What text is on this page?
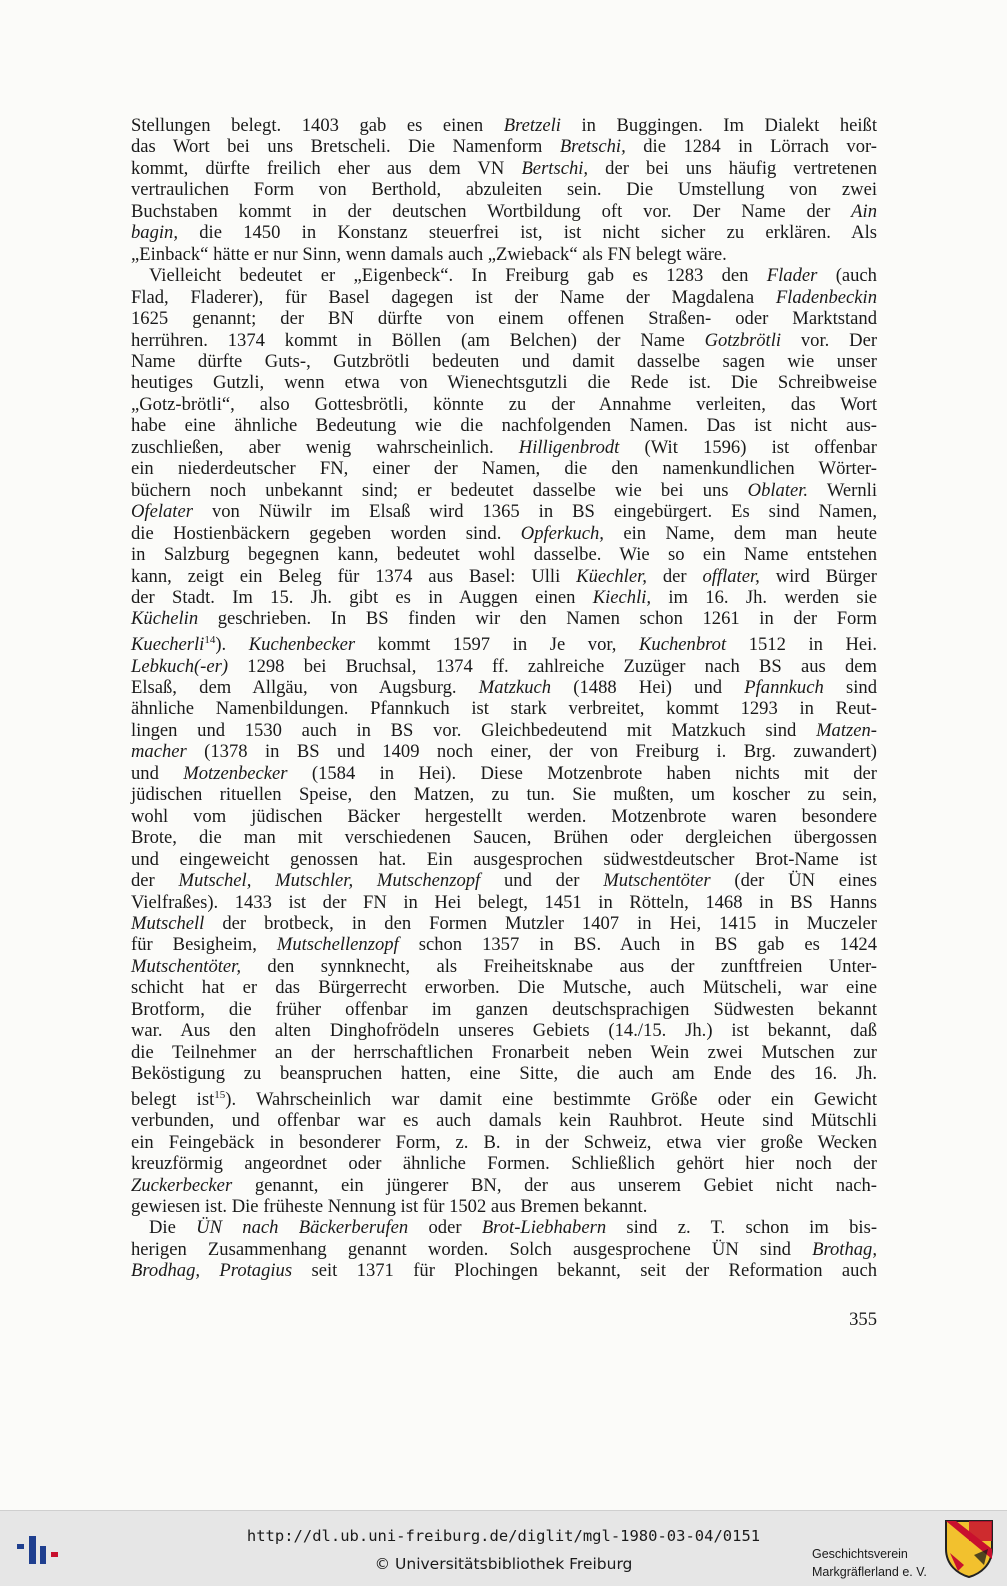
Stellungen belegt. 1403 gab es einen Bretzeli in Buggingen. Im Dialekt heißt
das Wort bei uns Bretscheli. Die Namenform Bretschi, die 1284 in Lörrach vor-
kommt, dürfte freilich eher aus dem VN Bertschi, der bei uns häufig vertretenen
vertraulichen Form von Berthold, abzuleiten sein. Die Umstellung von zwei
Buchstaben kommt in der deutschen Wortbildung oft vor. Der Name der Ain
bagin, die 1450 in Konstanz steuerfrei ist, ist nicht sicher zu erklären. Als
„Einback“ hätte er nur Sinn, wenn damals auch „Zwieback“ als FN belegt wäre.
Vielleicht bedeutet er „Eigenbeck“. In Freiburg gab es 1283 den Flader (auch
Flad, Fladerer), für Basel dagegen ist der Name der Magdalena Fladenbeckin
1625 genannt; der BN dürfte von einem offenen Straßen- oder Marktstand
herrühren. 1374 kommt in Böllen (am Belchen) der Name Gotzbrötli vor. Der
Name dürfte Guts-, Gutzbrötli bedeuten und damit dasselbe sagen wie unser
heutiges Gutzli, wenn etwa von Wienechtsgutzli die Rede ist. Die Schreibweise
„Gotz-brötli“, also Gottesbrötli, könnte zu der Annahme verleiten, das Wort
habe eine ähnliche Bedeutung wie die nachfolgenden Namen. Das ist nicht aus-
zuschließen, aber wenig wahrscheinlich. Hilligenbrodt (Wit 1596) ist offenbar
ein niederdeutscher FN, einer der Namen, die den namenkundlichen Wörter-
büchern noch unbekannt sind; er bedeutet dasselbe wie bei uns Oblater. Wernli
Ofelater von Nüwilr im Elsaß wird 1365 in BS eingebürgert. Es sind Namen,
die Hostienbäckern gegeben worden sind. Opferkuch, ein Name, dem man heute
in Salzburg begegnen kann, bedeutet wohl dasselbe. Wie so ein Name entstehen
kann, zeigt ein Beleg für 1374 aus Basel: Ulli Küechler, der offlater, wird Bürger
der Stadt. Im 15. Jh. gibt es in Auggen einen Kiechli, im 16. Jh. werden sie
Küchelin geschrieben. In BS finden wir den Namen schon 1261 in der Form
Kuecherli$^{14}$). Kuchenbecker kommt 1597 in Je vor, Kuchenbrot 1512 in Hei.
Lebkuch(-er) 1298 bei Bruchsal, 1374 ff. zahlreiche Zuzüger nach BS aus dem
Elsaß, dem Allgäu, von Augsburg. Matzkuch (1488 Hei) und Pfannkuch sind
ähnliche Namenbildungen. Pfannkuch ist stark verbreitet, kommt 1293 in Reut-
lingen und 1530 auch in BS vor. Gleichbedeutend mit Matzkuch sind Matzen-
macher (1378 in BS und 1409 noch einer, der von Freiburg i. Brg. zuwandert)
und Motzenbecker (1584 in Hei). Diese Motzenbrote haben nichts mit der
jüdischen rituellen Speise, den Matzen, zu tun. Sie mußten, um koscher zu sein,
wohl vom jüdischen Bäcker hergestellt werden. Motzenbrote waren besondere
Brote, die man mit verschiedenen Saucen, Brühen oder dergleichen übergossen
und eingeweicht genossen hat. Ein ausgesprochen südwestdeutscher Brot-Name ist
der Mutschel, Mutschler, Mutschenzopf und der Mutschentöter (der ÜN eines
Vielfraßes). 1433 ist der FN in Hei belegt, 1451 in Rötteln, 1468 in BS Hanns
Mutschell der brotbeck, in den Formen Mutzler 1407 in Hei, 1415 in Muczeler
für Besigheim, Mutschellenzopf schon 1357 in BS. Auch in BS gab es 1424
Mutschentöter, den synnknecht, als Freiheitsknabe aus der zunftfreien Unter-
schicht hat er das Bürgerrecht erworben. Die Mutsche, auch Mütscheli, war eine
Brotform, die früher offenbar im ganzen deutschsprachigen Südwesten bekannt
war. Aus den alten Dinghofrödeln unseres Gebiets (14./15. Jh.) ist bekannt, daß
die Teilnehmer an der herrschaftlichen Fronarbeit neben Wein zwei Mutschen zur
Beköstigung zu beanspruchen hatten, eine Sitte, die auch am Ende des 16. Jh.
belegt ist$^{15}$). Wahrscheinlich war damit eine bestimmte Größe oder ein Gewicht
verbunden, und offenbar war es auch damals kein Rauhbrot. Heute sind Mütschli
ein Feingebäck in besonderer Form, z. B. in der Schweiz, etwa vier große Wecken
kreuzförmig angeordnet oder ähnliche Formen. Schließlich gehört hier noch der
Zuckerbecker genannt, ein jüngerer BN, der aus unserem Gebiet nicht nach-
gewiesen ist. Die früheste Nennung ist für 1502 aus Bremen bekannt.
Die ÜN nach Bäckerberufen oder Brot-Liebhabern sind z. T. schon im bis-
herigen Zusammenhang genannt worden. Solch ausgesprochene ÜN sind Brothag,
Brodhag, Protagius seit 1371 für Plochingen bekannt, seit der Reformation auch
355
http://dl.ub.uni-freiburg.de/diglit/mgl-1980-03-04/0151
© Universitätsbibliothek Freiburg
Geschichtsverein
Markgräflerland e. V.
